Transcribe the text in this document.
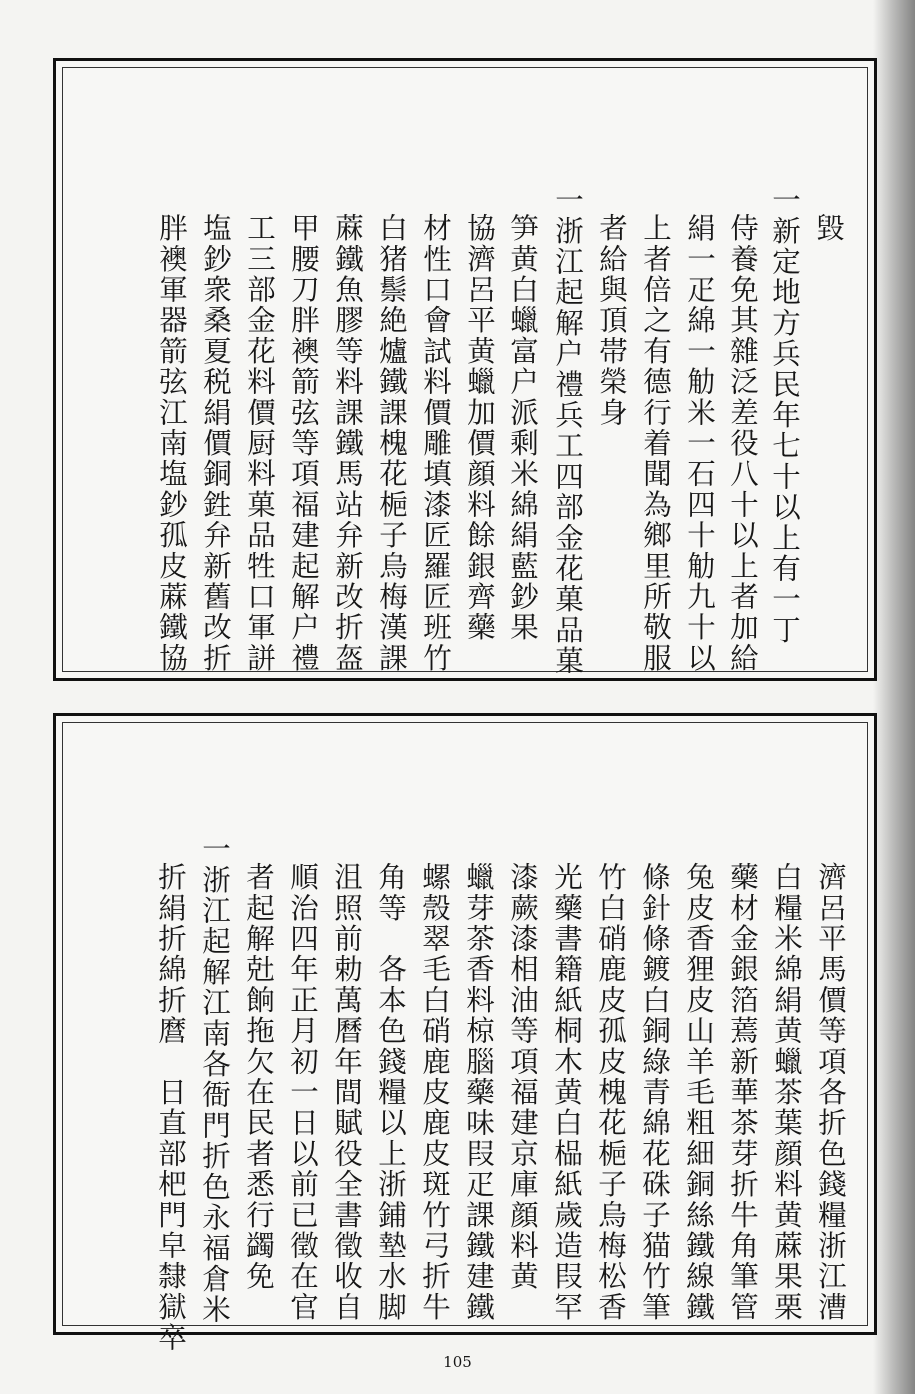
毀
一新定地方兵民年七十以上有一丁
侍養免其雜泛差役八十以上者加給
絹一疋綿一觔米一石四十觔九十以
上者倍之有德行着聞為鄉里所敬服
者給與頂帯榮身
一浙江起解户禮兵工四部金花菓品菓
笋黄白蠟富户派剩米綿絹藍鈔果
協濟呂平黄蠟加價顔料餘銀齊藥
材性口會試料價雕填漆匠羅匠班竹
白猪鬃絶爐鐵課槐花梔子烏梅漢課
蔴鐵魚膠等料課鐵馬站弁新改折盔
甲腰刀胖襖箭弦等項福建起解户禮
工三部金花料價厨料菓品牲口軍誁
塩鈔衆桑夏税絹價銅鉎弁新舊改折
胖襖軍器箭弦江南塩鈔孤皮蔴鐵協
濟呂平馬價等項各折色錢糧浙江漕
白糧米綿絹黄蠟茶葉顔料黄蔴果栗
藥材金銀箔蔫新華茶芽折牛角筆管
兔皮香狸皮山羊毛粗細銅絲鐵線鐵
條針條鍍白銅綠青綿花硃子猫竹筆
竹白硝鹿皮孤皮槐花梔子烏梅松香
光藥書籍紙桐木黄白榀紙歲造叚罕
漆蕨漆相油等項福建京庫顔料黄
蠟芽茶香料椋腦藥味叚疋課鐵建鐵
螺殼翠毛白硝鹿皮鹿皮斑竹弓折牛
角等　各本色錢糧以上浙鋪墊水脚
沮照前勅萬曆年間賦役全書徵收自
順治四年正月初一日以前已徵在官
者起解兙餉拖欠在民者悉行蠲免
一浙江起解江南各衙門折色永福倉米
折絹折綿折麿　日直部杷門皁隸獄卒
105
